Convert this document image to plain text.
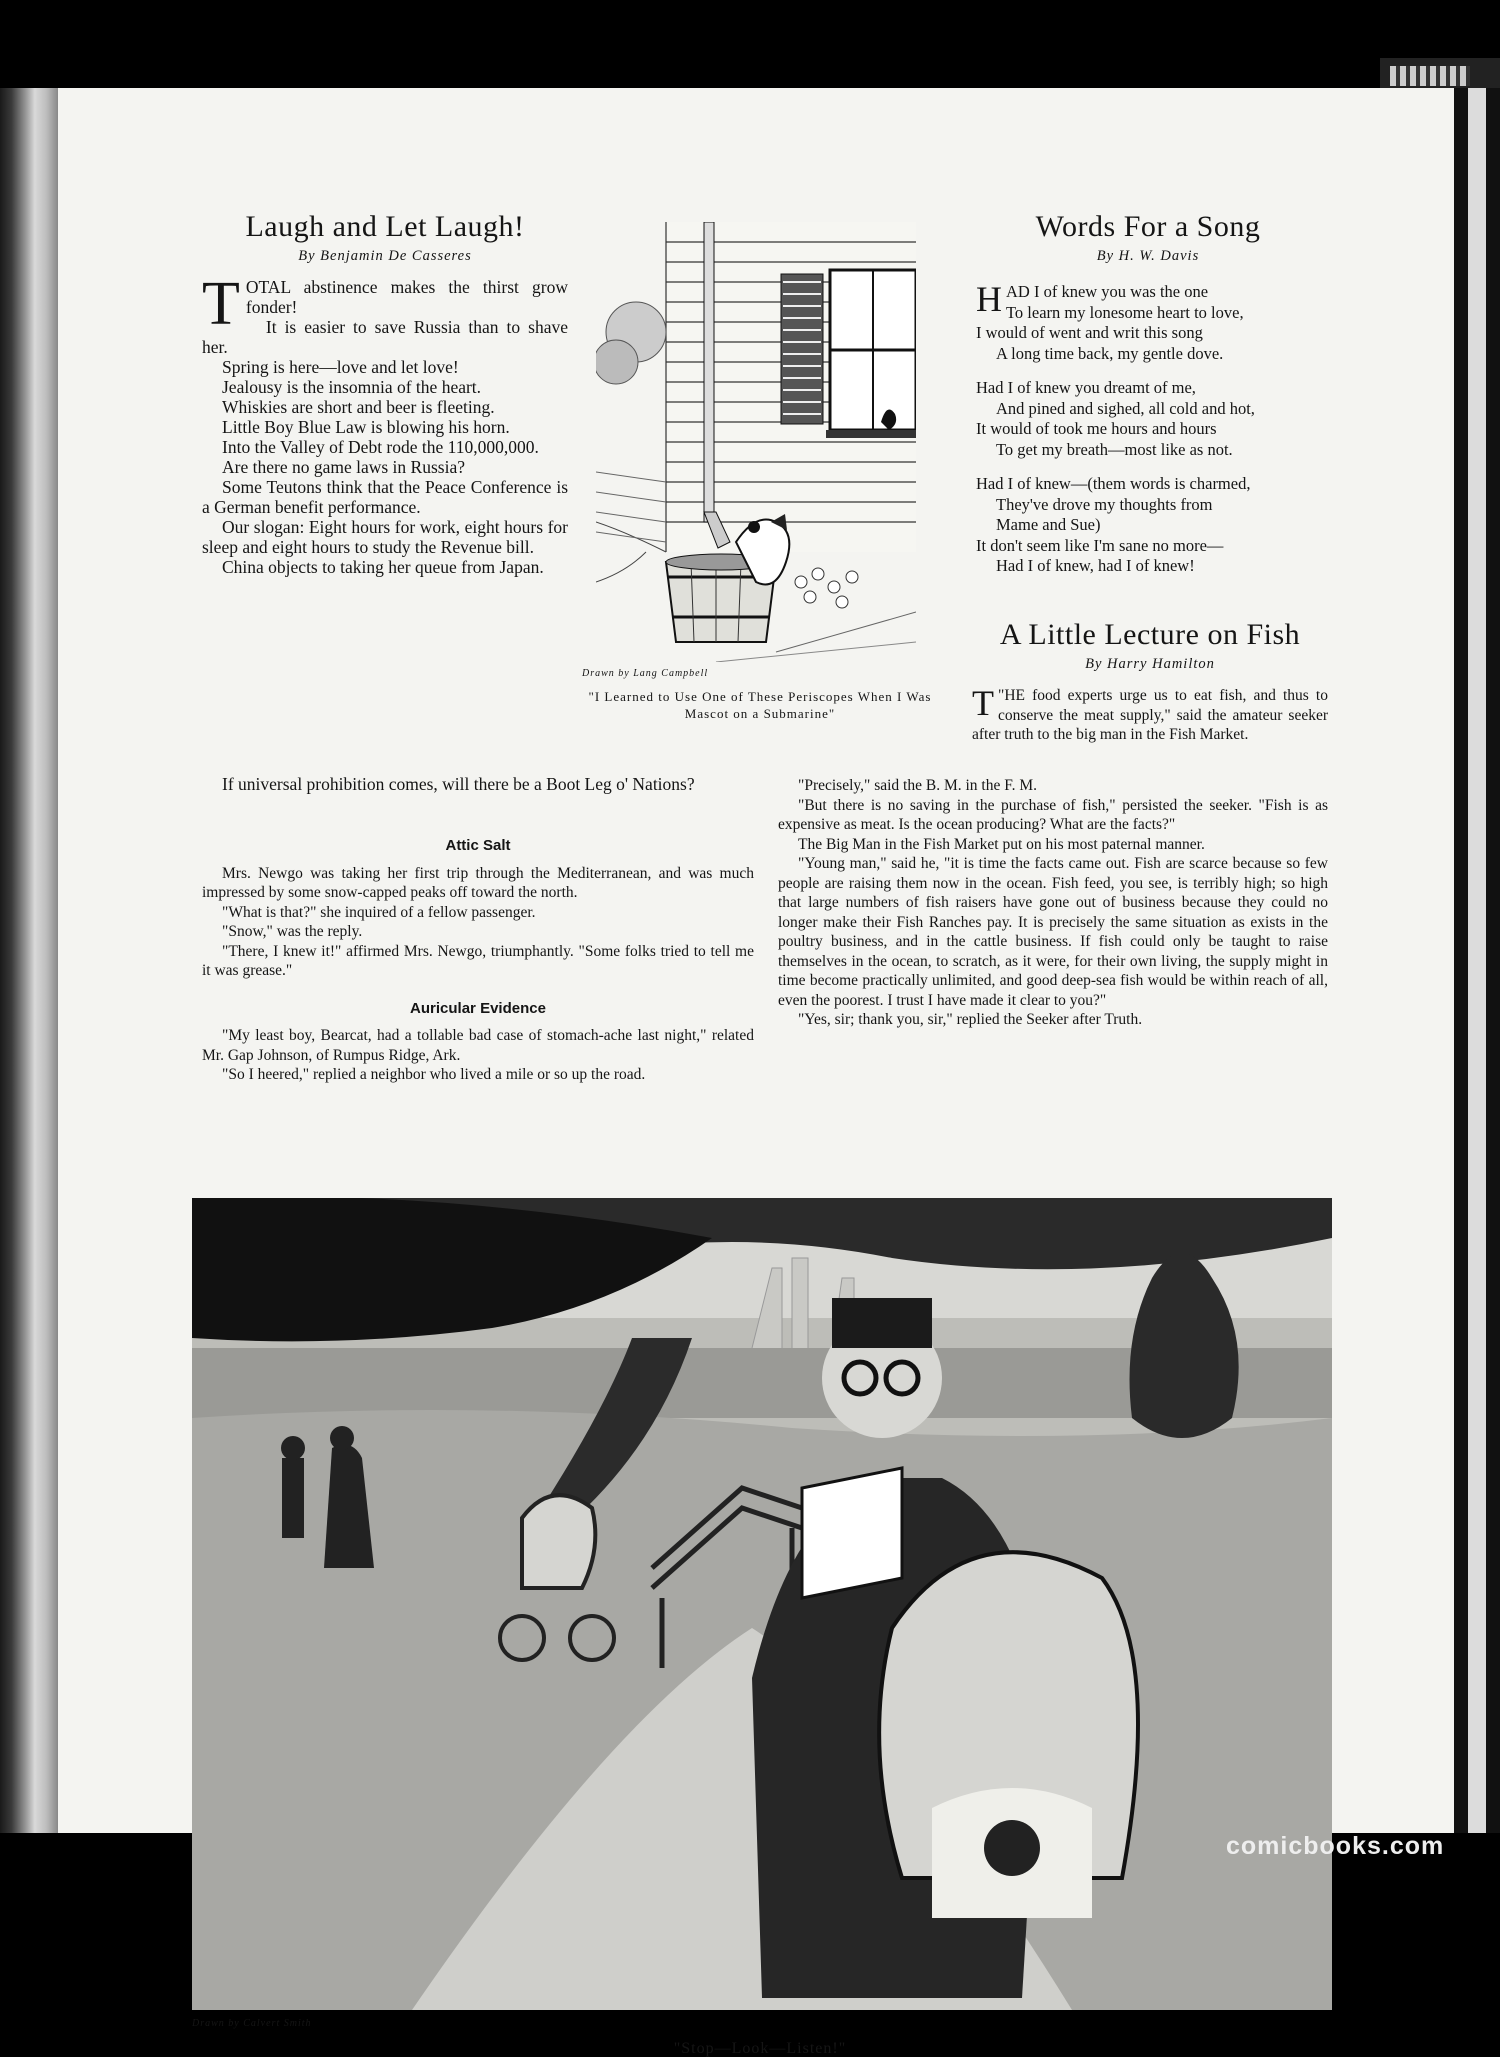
Laugh and Let Laugh!
By Benjamin De Casseres

TOTAL abstinence makes the thirst grow fonder!

It is easier to save Russia than to shave her.

Spring is here—love and let love!

Jealousy is the insomnia of the heart.

Whiskies are short and beer is fleeting.

Little Boy Blue Law is blowing his horn.

Into the Valley of Debt rode the 110,000,000.

Are there no game laws in Russia?

Some Teutons think that the Peace Conference is a German benefit performance.

Our slogan: Eight hours for work, eight hours for sleep and eight hours to study the Revenue bill.

China objects to taking her queue from Japan.

If universal prohibition comes, will there be a Boot Leg o' Nations?

Attic Salt

Mrs. Newgo was taking her first trip through the Mediterranean, and was much impressed by some snow-capped peaks off toward the north.

"What is that?" she inquired of a fellow passenger.

"Snow," was the reply.

"There, I knew it!" affirmed Mrs. Newgo, triumphantly. "Some folks tried to tell me it was grease."

Auricular Evidence

"My least boy, Bearcat, had a tollable bad case of stomach-ache last night," related Mr. Gap Johnson, of Rumpus Ridge, Ark.

"So I heered," replied a neighbor who lived a mile or so up the road.

Drawn by Lang Campbell
"I Learned to Use One of These Periscopes When I Was Mascot on a Submarine"
Words For a Song
By H. W. Davis
HAD I of knew you was the one
To learn my lonesome heart to love,
I would of went and writ this song
A long time back, my gentle dove.
Had I of knew you dreamt of me,
And pined and sighed, all cold and hot,
It would of took me hours and hours
To get my breath—most like as not.
Had I of knew—(them words is charmed,
They've drove my thoughts from
Mame and Sue)
It don't seem like I'm sane no more—
Had I of knew, had I of knew!
A Little Lecture on Fish
By Harry Hamilton

"
T HE food experts urge us to eat fish, and thus to conserve the meat supply," said the amateur seeker after truth to the big man in the Fish Market.

"Precisely," said the B. M. in the F. M.

"But there is no saving in the purchase of fish," persisted the seeker. "Fish is as expensive as meat. Is the ocean producing? What are the facts?"

The Big Man in the Fish Market put on his most paternal manner.

"Young man," said he, "it is time the facts came out. Fish are scarce because so few people are raising them now in the ocean. Fish feed, you see, is terribly high; so high that large numbers of fish raisers have gone out of business because they could no longer make their Fish Ranches pay. It is precisely the same situation as exists in the poultry business, and in the cattle business. If fish could only be taught to raise themselves in the ocean, to scratch, as it were, for their own living, the supply might in time become practically unlimited, and good deep-sea fish would be within reach of all, even the poorest. I trust I have made it clear to you?"

"Yes, sir; thank you, sir," replied the Seeker after Truth.

Drawn by Calvert Smith
"Stop—Look—Listen!"
comicbooks.com
